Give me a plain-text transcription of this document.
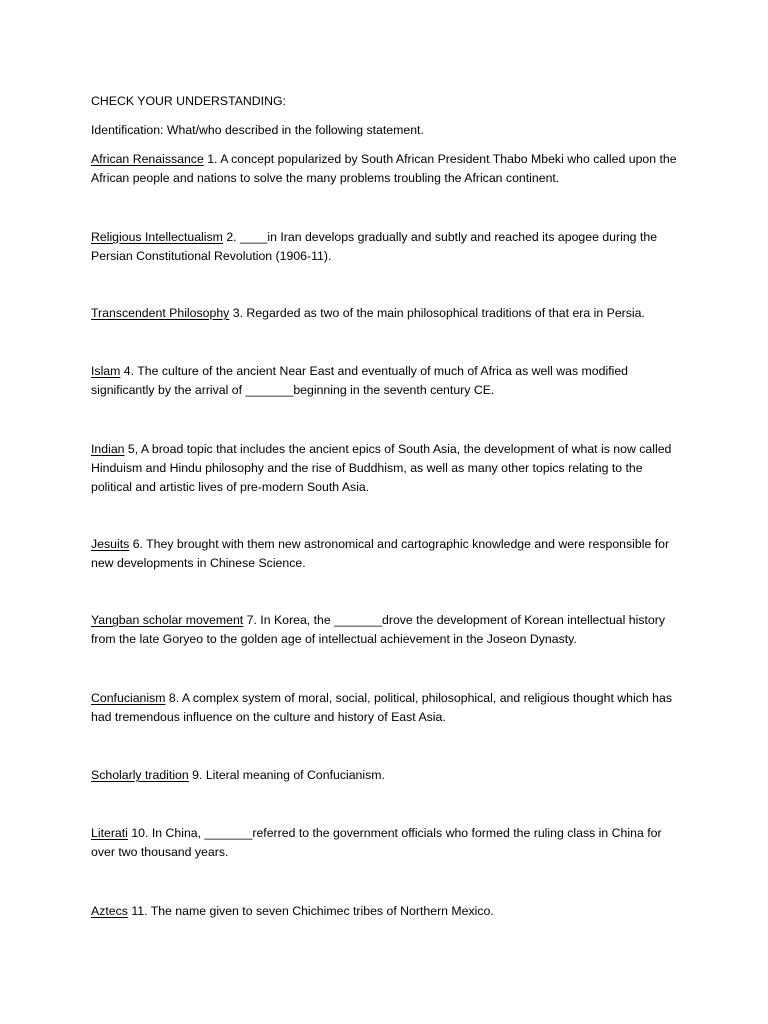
CHECK YOUR UNDERSTANDING:
Identification: What/who described in the following statement.
African Renaissance 1. A concept popularized by South African President Thabo Mbeki who called upon the African people and nations to solve the many problems troubling the African continent.
Religious Intellectualism 2. ____in Iran develops gradually and subtly and reached its apogee during the Persian Constitutional Revolution (1906-11).
Transcendent Philosophy 3. Regarded as two of the main philosophical traditions of that era in Persia.
Islam 4. The culture of the ancient Near East and eventually of much of Africa as well was modified significantly by the arrival of _______beginning in the seventh century CE.
Indian 5, A broad topic that includes the ancient epics of South Asia, the development of what is now called Hinduism and Hindu philosophy and the rise of Buddhism, as well as many other topics relating to the political and artistic lives of pre-modern South Asia.
Jesuits 6. They brought with them new astronomical and cartographic knowledge and were responsible for new developments in Chinese Science.
Yangban scholar movement 7. In Korea, the _______drove the development of Korean intellectual history from the late Goryeo to the golden age of intellectual achievement in the Joseon Dynasty.
Confucianism 8. A complex system of moral, social, political, philosophical, and religious thought which has had tremendous influence on the culture and history of East Asia.
Scholarly tradition 9. Literal meaning of Confucianism.
Literati 10. In China, _______referred to the government officials who formed the ruling class in China for over two thousand years.
Aztecs 11. The name given to seven Chichimec tribes of Northern Mexico.
